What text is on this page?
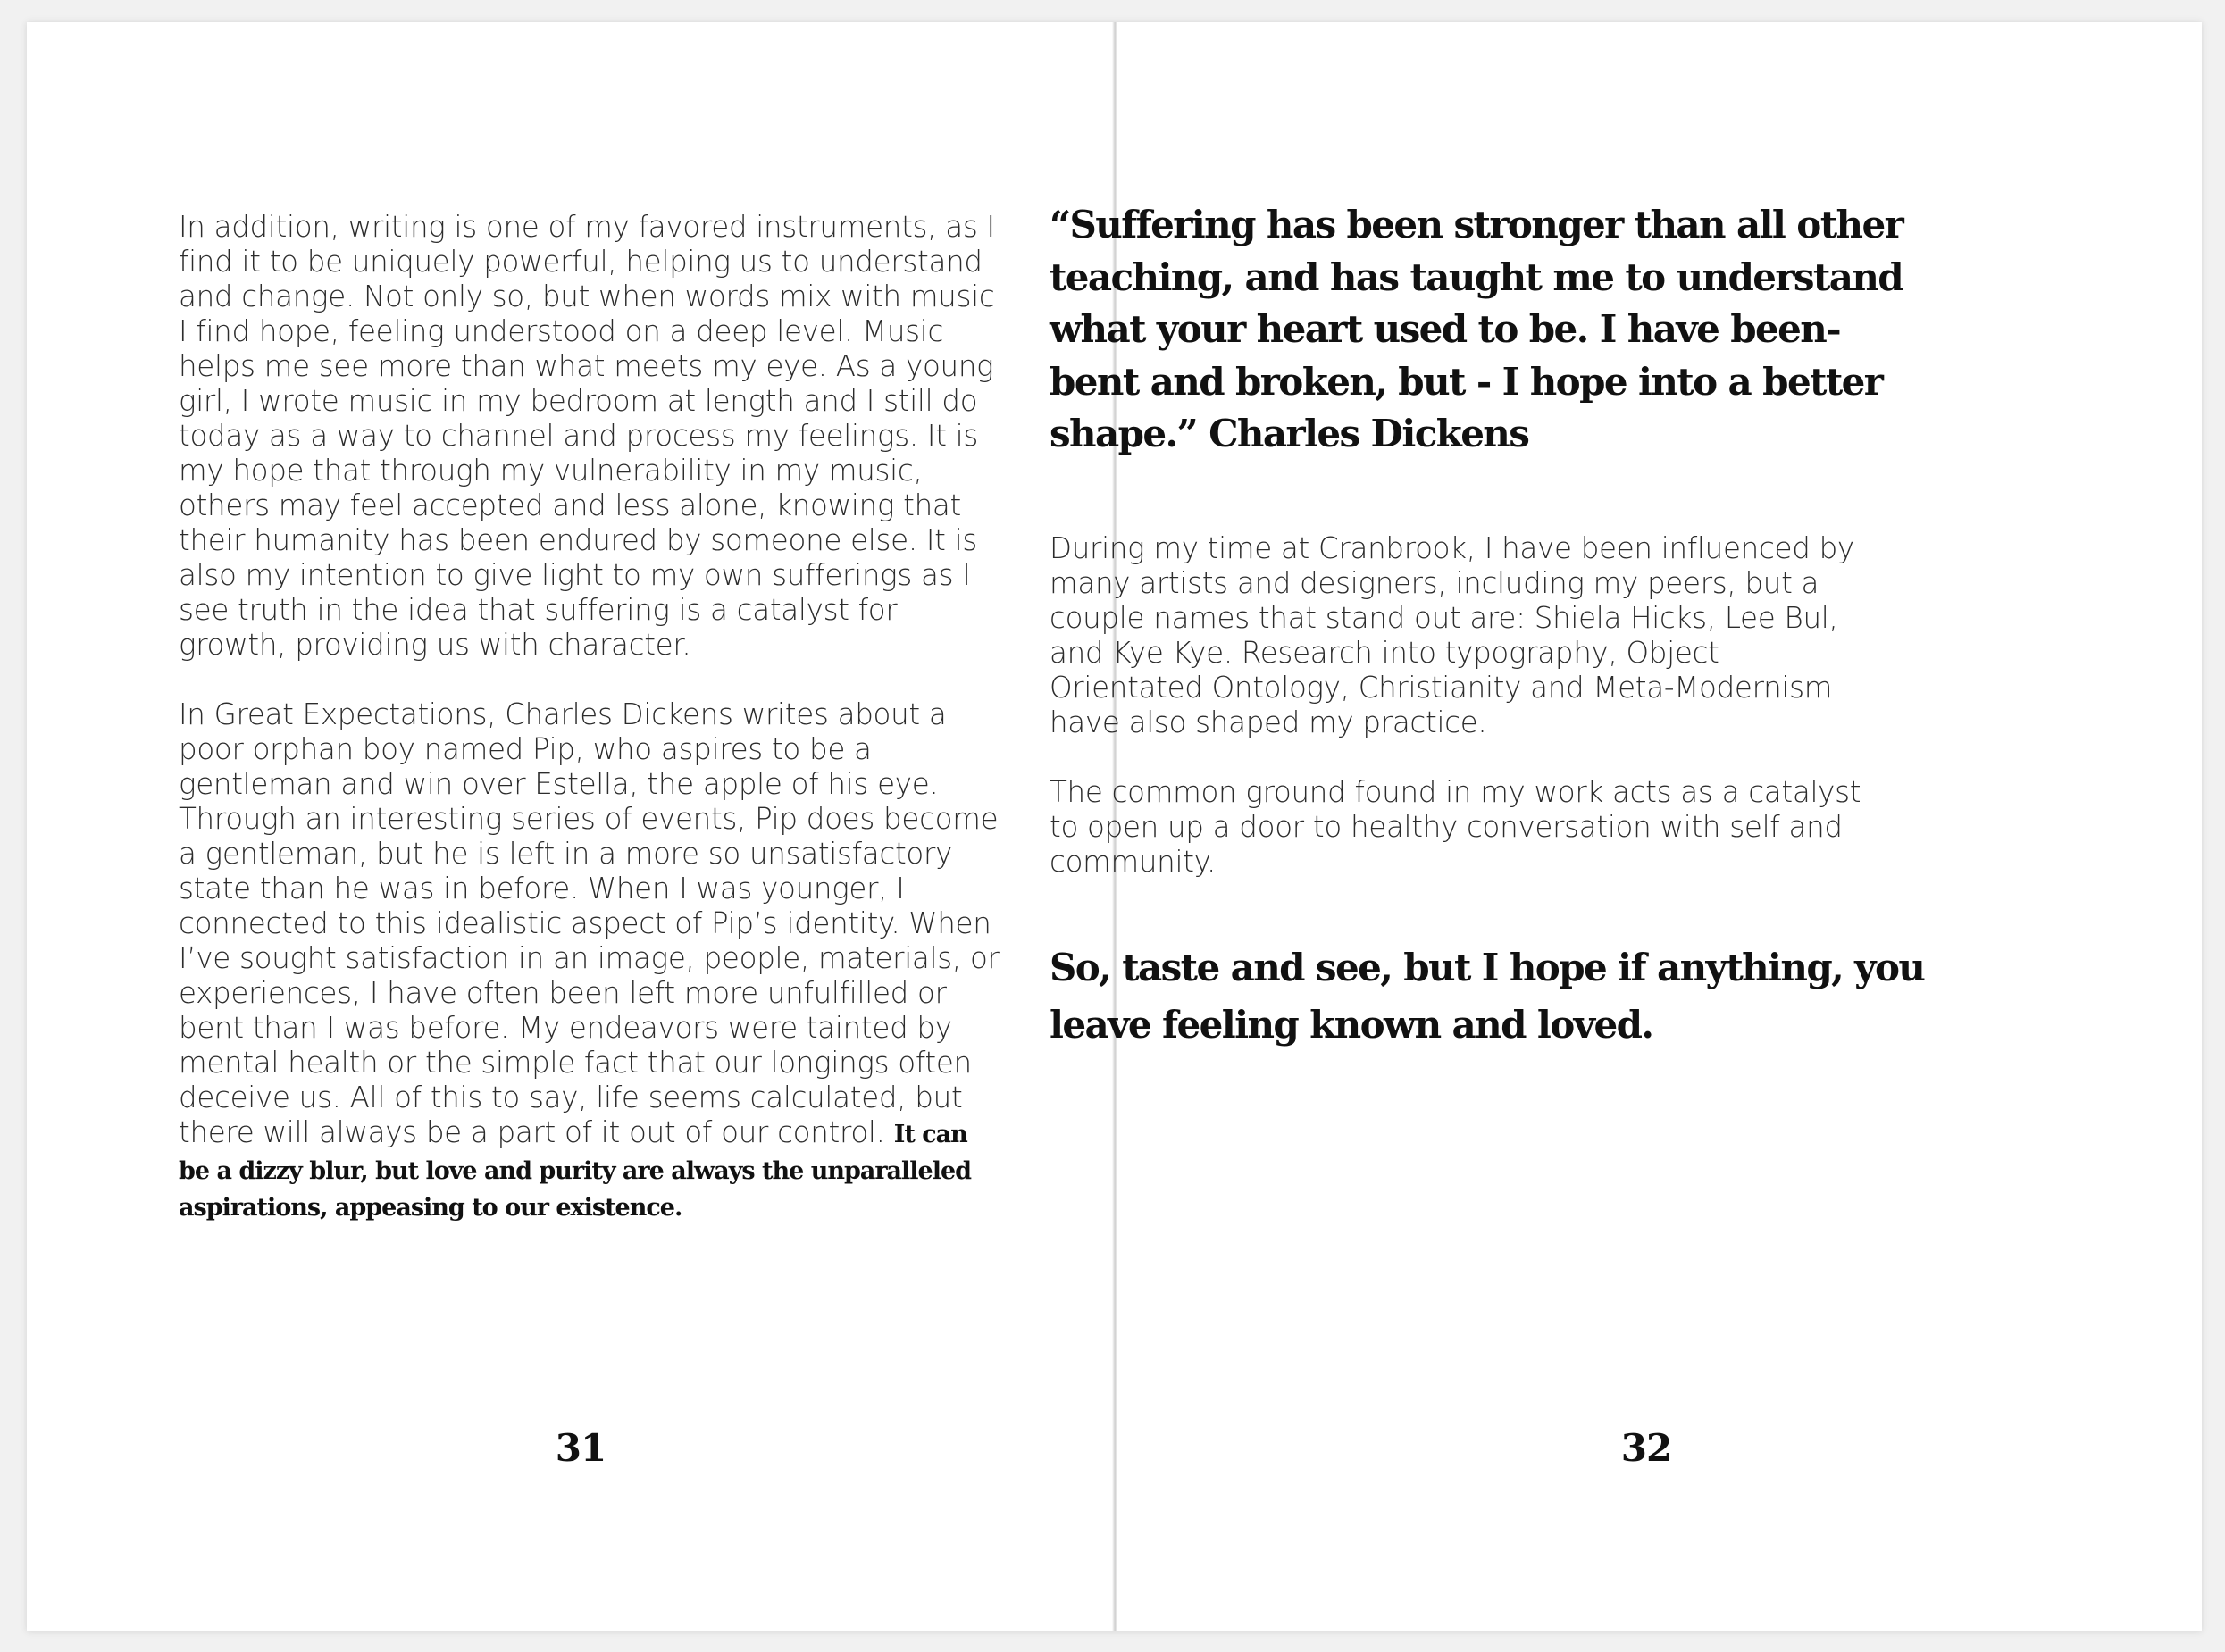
In addition, writing is one of my favored instruments, as I find it to be uniquely powerful, helping us to understand and change. Not only so, but when words mix with music I find hope, feeling understood on a deep level. Music helps me see more than what meets my eye. As a young girl, I wrote music in my bedroom at length and I still do today as a way to channel and process my feelings. It is my hope that through my vulnerability in my music, others may feel accepted and less alone, knowing that their humanity has been endured by someone else. It is also my intention to give light to my own sufferings as I see truth in the idea that suffering is a catalyst for growth, providing us with character.

In Great Expectations, Charles Dickens writes about a poor orphan boy named Pip, who aspires to be a gentleman and win over Estella, the apple of his eye. Through an interesting series of events, Pip does become a gentleman, but he is left in a more so unsatisfactory state than he was in before. When I was younger, I connected to this idealistic aspect of Pip’s identity. When I’ve sought satisfaction in an image, people, materials, or experiences, I have often been left more unfulfilled or bent than I was before. My endeavors were tainted by mental health or the simple fact that our longings often deceive us. All of this to say, life seems calculated, but there will always be a part of it out of our control. It can be a dizzy blur, but love and purity are always the unparalleled aspirations, appeasing to our existence.

31

“Suffering has been stronger than all other teaching, and has taught me to understand what your heart used to be. I have been-bent and broken, but - I hope into a better shape.” Charles Dickens

During my time at Cranbrook, I have been influenced by many artists and designers, including my peers, but a couple names that stand out are: Shiela Hicks, Lee Bul, and Kye Kye. Research into typography, Object Orientated Ontology, Christianity and Meta-Modernism have also shaped my practice.

The common ground found in my work acts as a catalyst to open up a door to healthy conversation with self and community.

So, taste and see, but I hope if anything, you leave feeling known and loved.

32
